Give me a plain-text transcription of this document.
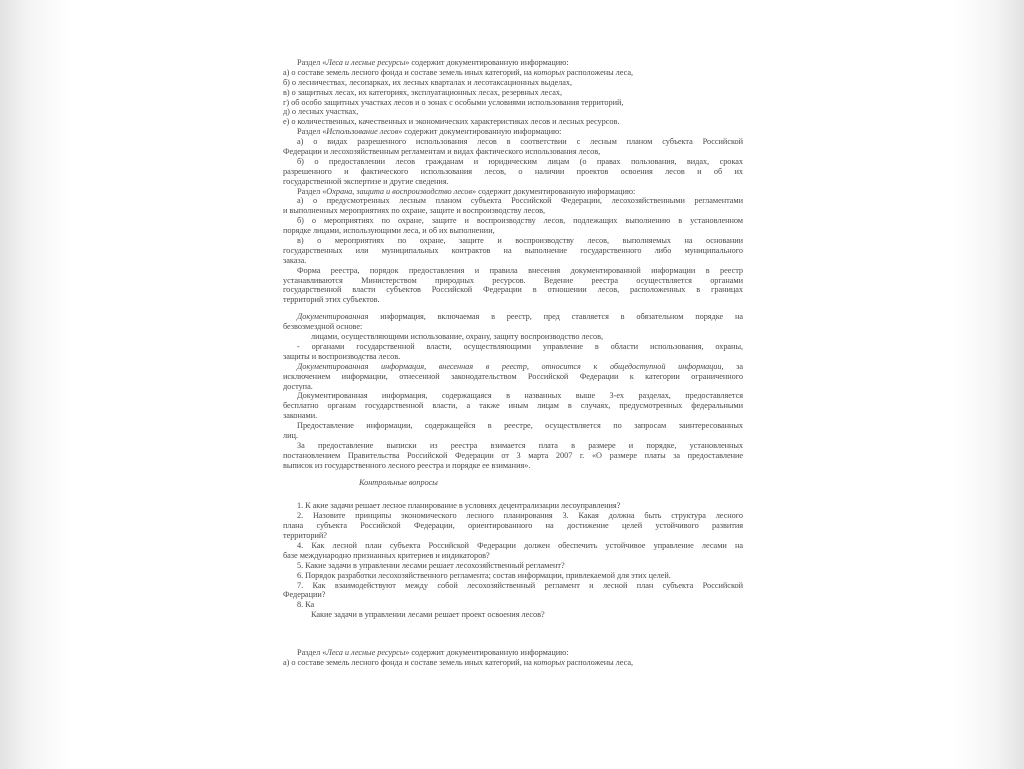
Раздел «Леса и лесные ресурсы» содержит документированную информацию:
а) о составе земель лесного фонда и составе земель иных категорий, на которых расположены леса,
б) о лесничествах, лесопарках, их лесных кварталах и лесотаксационных выделах,
в) о защитных лесах, их категориях, эксплуатационных лесах, резервных лесах,
г) об особо защитных участках лесов и о зонах с особыми условиями использования территорий,
д) о лесных участках,
е) о количественных, качественных и экономических характеристиках лесов и лесных ресурсов.
Раздел «Использование лесов» содержит документированную информацию:
а) о видах разрешенного использования лесов в соответствии с лесным планом субъекта Российской
Федерации и лесохозяйственным регламентам и видах фактического использования лесов,
б) о предоставлении лесов гражданам и юридическим лицам (о правах пользования, видах, сроках
разрешенного и фактического использования лесов, о наличии проектов освоения лесов и об их
государственной экспертизе и другие сведения.
Раздел «Охрана, защита и воспроизводство лесов» содержит документированную информацию:
а) о предусмотренных лесным планом субъекта Российской Федерации, лесохозяйственными регламентами
и выполненных мероприятиях по охране, защите и воспроизводству лесов,
б) о мероприятиях по охране, защите и воспроизводству лесов, подлежащих выполнению в установленном
порядке лицами, использующими леса, и об их выполнении,
в) о мероприятиях по охране, защите и воспроизводству лесов, выполняемых на основании
государственных или муниципальных контрактов на выполнение государственного либо муниципального
заказа.
Форма реестра, порядок предоставления и правила внесения документированной информации в реестр
устанавливаются Министерством природных ресурсов. Ведение реестра осуществляется органами
государственной власти субъектов Российской Федерации в отношении лесов, расположенных в границах
территорий этих субъектов.
Документированная информация, включаемая в реестр, пред ставляется в обязательном порядке на
безвозмездной основе:
лицами, осуществляющими использование, охрану, защиту воспроизводство лесов,
- органами государственной власти, осуществляющими управление в области использования, охраны,
защиты и воспроизводства лесов.
Документированная информация, внесенная в реестр, относится к общедоступной информации, за
исключением информации, отнесенной законодательством Российской Федерации к категории ограниченного
доступа.
Документированная информация, содержащаяся в названных выше 3-ех разделах, предоставляется
бесплатно органам государственной власти, а также иным лицам в случаях, предусмотренных федеральными
законами.
Предоставление информации, содержащейся в реестре, осуществляется по запросам заинтересованных
лиц.
За предоставление выписки из реестра взимается плата в размере и порядке, установленных
постановлением Правительства Российской Федерации от 3 марта 2007 г. «О размере платы за предоставление
выписок из государственного лесного реестра и порядке ее взимания».
Контрольные вопросы
1. К акие задачи решает лесное планирование в условиях децентрализации лесоуправления?
2. Назовите принципы экономического лесного планирования 3. Какая должна быть структура лесного
плана субъекта Российской Федерации, ориентированного на достижение целей устойчивого развития
территорий?
4. Как лесной план субъекта Российской Федерации должен обеспечить устойчивое управление лесами на
базе международно признанных критериев и индикаторов?
5. Какие задачи в управлении лесами решает лесохозяйственный регламент?
6. Порядок разработки лесохозяйственного регламента; состав информации, привлекаемой для этих целей.
7. Как взаимодействуют между собой лесохозяйственный регламент и лесной план субъекта Российской
Федерации?
8. Ка
Какие задачи в управлении лесами решает проект освоения лесов?
Раздел «Леса и лесные ресурсы» содержит документированную информацию:
а) о составе земель лесного фонда и составе земель иных категорий, на которых расположены леса,
